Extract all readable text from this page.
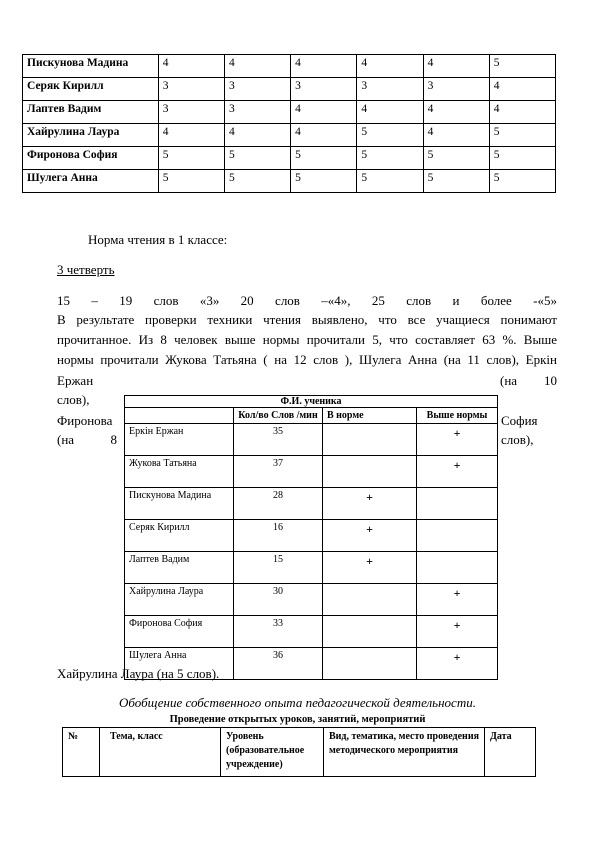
Пискунова Мадина	4	4	4	4	4	5
Серяк Кирилл	3	3	3	3	3	4
Лаптев Вадим	3	3	4	4	4	4
Хайрулина Лаура	4	4	4	5	4	5
Фиронова София	5	5	5	5	5	5
Шулега Анна	5	5	5	5	5	5
Норма чтения в 1 классе:
3 четверть
15 – 19 слов «3» 20 слов –«4», 25 слов и более -«5»
В результате проверки техники чтения выявлено, что все учащиеся понимают
прочитанное. Из 8 человек выше нормы прочитали 5, что составляет 63 %. Выше
нормы прочитали Жукова Татьяна ( на 12 слов ), Шулега Анна (на 11 слов), Еркін
Ержан	(на 10
слов),
Фиронова	София
(на 8	слов),
Ф.И. ученика			
	Кол/во Слов /мин	В норме	Выше нормы
Еркін Ержан	35		+
Жукова Татьяна	37		+
Пискунова Мадина	28	+	
Серяк Кирилл	16	+	
Лаптев Вадим	15	+	
Хайрулина Лаура	30		+
Фиронова София	33		+
Шулега Анна	36		+
Хайрулина Лаура (на 5 слов).
Обобщение собственного опыта педагогической деятельности.
Проведение открытых уроков, занятий, мероприятий
№	Тема, класс	Уровень (образовательное учреждение)	Вид, тематика, место проведения методического мероприятия	Дата
